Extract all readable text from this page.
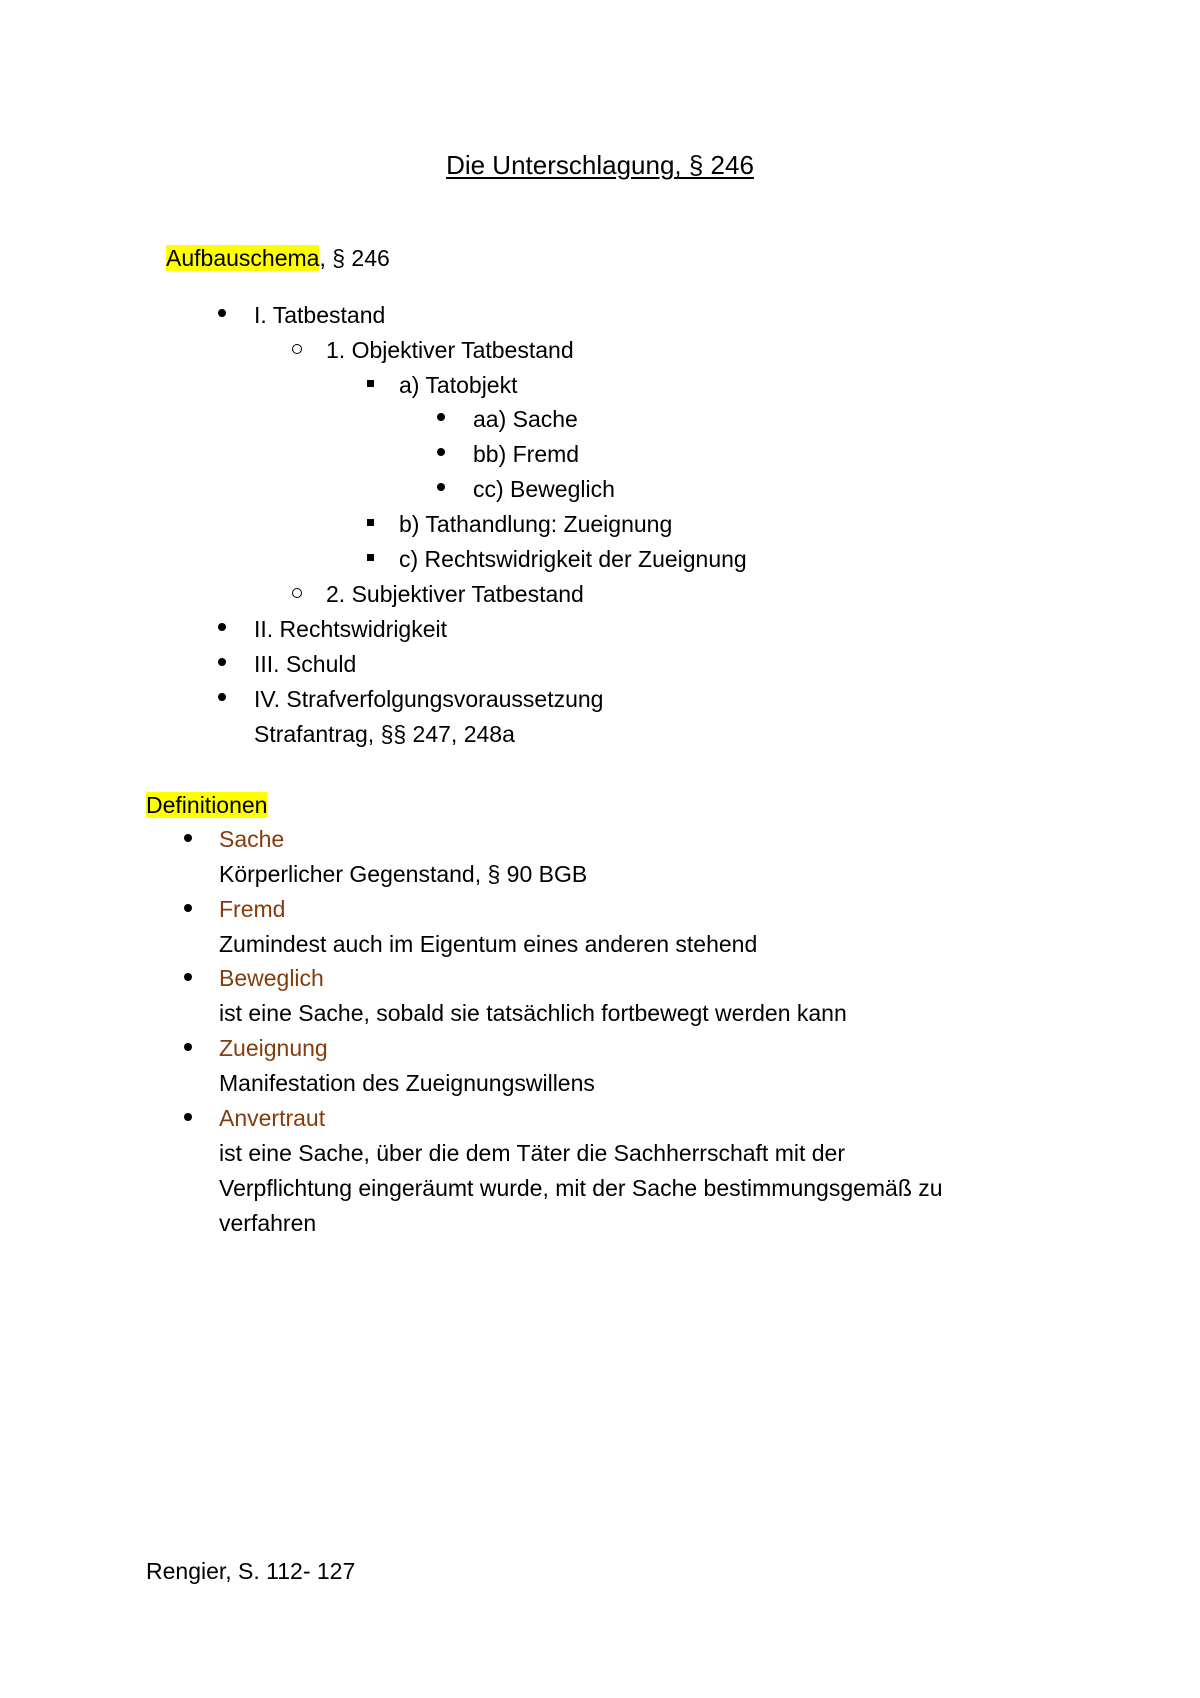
Die Unterschlagung, § 246
Aufbauschema, § 246
I. Tatbestand
1. Objektiver Tatbestand
a) Tatobjekt
aa) Sache
bb) Fremd
cc) Beweglich
b) Tathandlung: Zueignung
c) Rechtswidrigkeit der Zueignung
2. Subjektiver Tatbestand
II. Rechtswidrigkeit
III. Schuld
IV. Strafverfolgungsvoraussetzung
Strafantrag, §§ 247, 248a
Definitionen
Sache
Körperlicher Gegenstand, § 90 BGB
Fremd
Zumindest auch im Eigentum eines anderen stehend
Beweglich
ist eine Sache, sobald sie tatsächlich fortbewegt werden kann
Zueignung
Manifestation des Zueignungswillens
Anvertraut
ist eine Sache, über die dem Täter die Sachherrschaft mit der
Verpflichtung eingeräumt wurde, mit der Sache bestimmungsgemäß zu
verfahren
Rengier, S. 112- 127
